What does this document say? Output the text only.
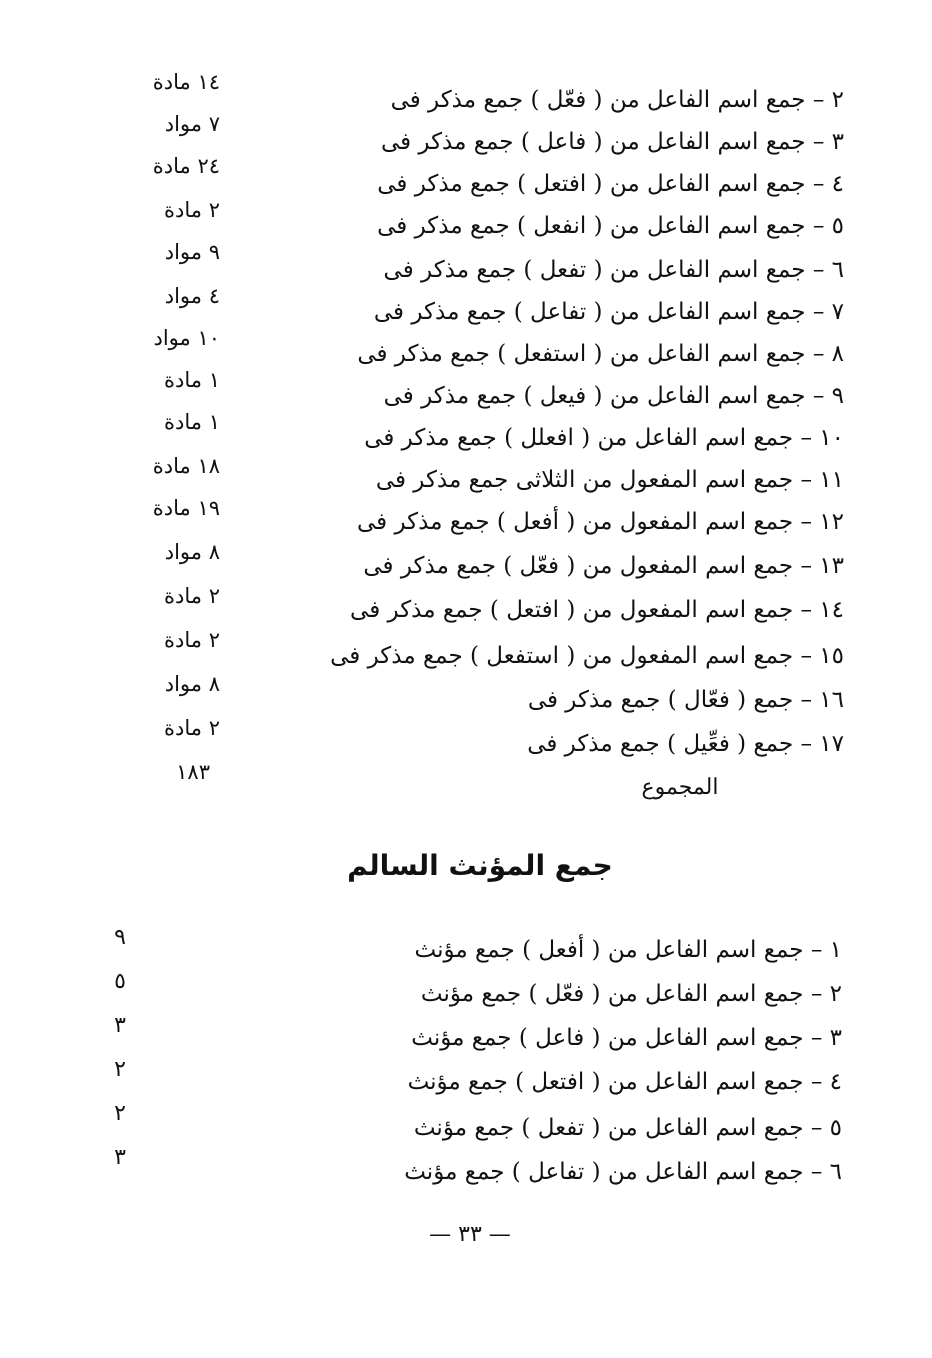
٢ – جمع اسم الفاعل من ( فعّل ) جمع مذكر فى
١٤ مادة
٣ – جمع اسم الفاعل من ( فاعل ) جمع مذكر فى
٧ مواد
٤ – جمع اسم الفاعل من ( افتعل ) جمع مذكر فى
٢٤ مادة
٥ – جمع اسم الفاعل من ( انفعل ) جمع مذكر فى
٢ مادة
٦ – جمع اسم الفاعل من ( تفعل ) جمع مذكر فى
٩ مواد
٧ – جمع اسم الفاعل من ( تفاعل ) جمع مذكر فى
٤ مواد
٨ – جمع اسم الفاعل من ( استفعل ) جمع مذكر فى
١٠ مواد
٩ – جمع اسم الفاعل من ( فيعل ) جمع مذكر فى
١ مادة
١٠ – جمع اسم الفاعل من ( افعلل ) جمع مذكر فى
١ مادة
١١ – جمع اسم المفعول من الثلاثى جمع مذكر فى
١٨ مادة
١٢ – جمع اسم المفعول من ( أفعل ) جمع مذكر فى
١٩ مادة
١٣ – جمع اسم المفعول من ( فعّل ) جمع مذكر فى
٨ مواد
١٤ – جمع اسم المفعول من ( افتعل ) جمع مذكر فى
٢ مادة
١٥ – جمع اسم المفعول من ( استفعل ) جمع مذكر فى
٢ مادة
١٦ – جمع ( فعّال ) جمع مذكر فى
٨ مواد
١٧ – جمع ( فعِّيل ) جمع مذكر فى
٢ مادة
المجموع
١٨٣
جمع المؤنث السالم
١ – جمع اسم الفاعل من ( أفعل ) جمع مؤنث
٩
٢ – جمع اسم الفاعل من ( فعّل ) جمع مؤنث
٥
٣ – جمع اسم الفاعل من ( فاعل ) جمع مؤنث
٣
٤ – جمع اسم الفاعل من ( افتعل ) جمع مؤنث
٢
٥ – جمع اسم الفاعل من ( تفعل ) جمع مؤنث
٢
٦ – جمع اسم الفاعل من ( تفاعل ) جمع مؤنث
٣
— ٣٣ —
